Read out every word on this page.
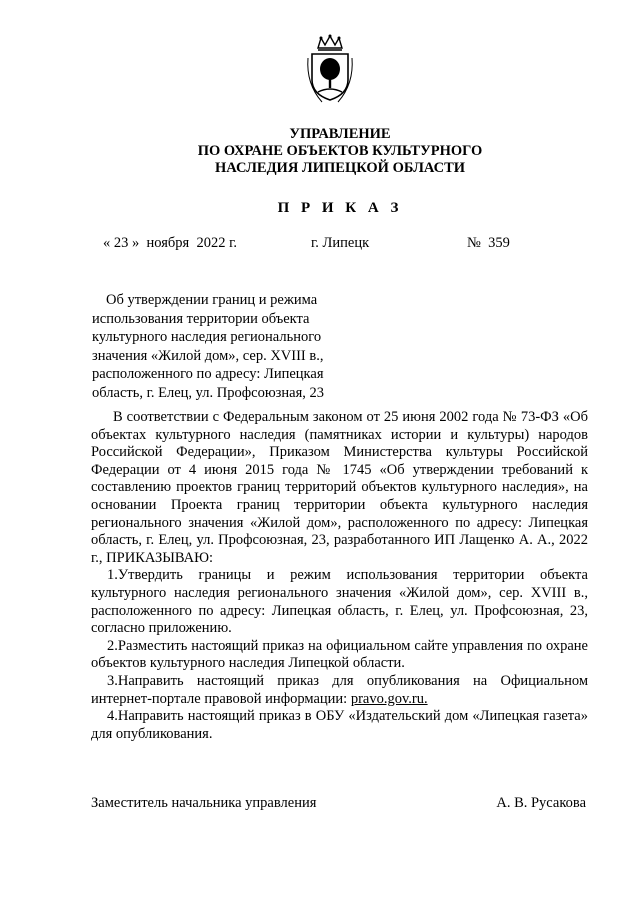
УПРАВЛЕНИЕ
ПО ОХРАНЕ ОБЪЕКТОВ КУЛЬТУРНОГО
НАСЛЕДИЯ ЛИПЕЦКОЙ ОБЛАСТИ
П Р И К А З
« 23 »  ноября  2022 г.	г. Липецк	№  359
Об утверждении границ и режима
использования территории объекта
культурного наследия регионального
значения «Жилой дом», сер. XVIII в.,
расположенного по адресу: Липецкая
область, г. Елец, ул. Профсоюзная, 23

В соответствии с Федеральным законом от 25 июня 2002 года № 73-ФЗ «Об объектах культурного наследия (памятниках истории и культуры) народов Российской Федерации», Приказом Министерства культуры Российской Федерации от 4 июня 2015 года № 1745 «Об утверждении требований к составлению проектов границ территорий объектов культурного наследия», на основании Проекта границ территории объекта культурного наследия регионального значения «Жилой дом», расположенного по адресу: Липецкая область, г. Елец, ул. Профсоюзная, 23, разработанного ИП Лащенко А. А., 2022 г., ПРИКАЗЫВАЮ:

1.Утвердить границы и режим использования территории объекта культурного наследия регионального значения «Жилой дом», сер. XVIII в., расположенного по адресу: Липецкая область, г. Елец, ул. Профсоюзная, 23, согласно приложению.

2.Разместить настоящий приказ на официальном сайте управления по охране объектов культурного наследия Липецкой области.

3.Направить настоящий приказ для опубликования на Официальном интернет-портале правовой информации: pravo.gov.ru.

4.Направить настоящий приказ в ОБУ «Издательский дом «Липецкая газета» для опубликования.

Заместитель начальника управления	А. В. Русакова
